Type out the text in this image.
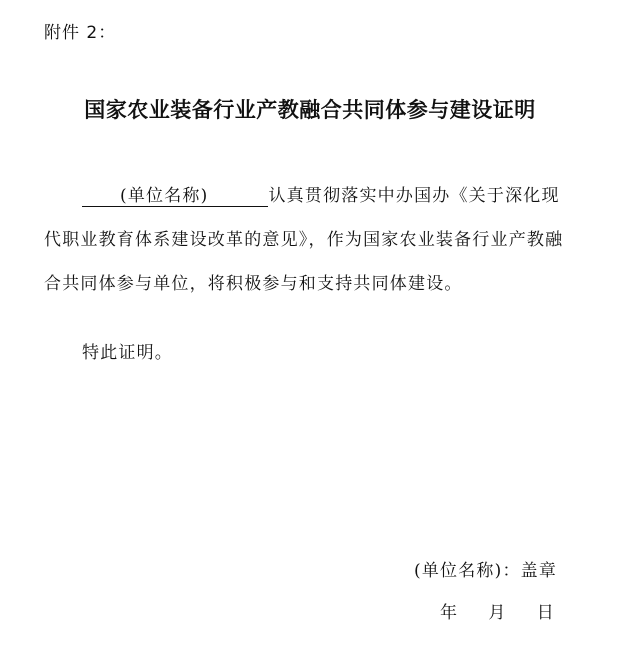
附件 2：
国家农业装备行业产教融合共同体参与建设证明

(单位名称)	认真贯彻落实中办国办《关于深化现代职业教育体系建设改革的意见》，作为国家农业装备行业产教融合共同体参与单位，将积极参与和支持共同体建设。

特此证明。
(单位名称)：盖章
年 月 日
